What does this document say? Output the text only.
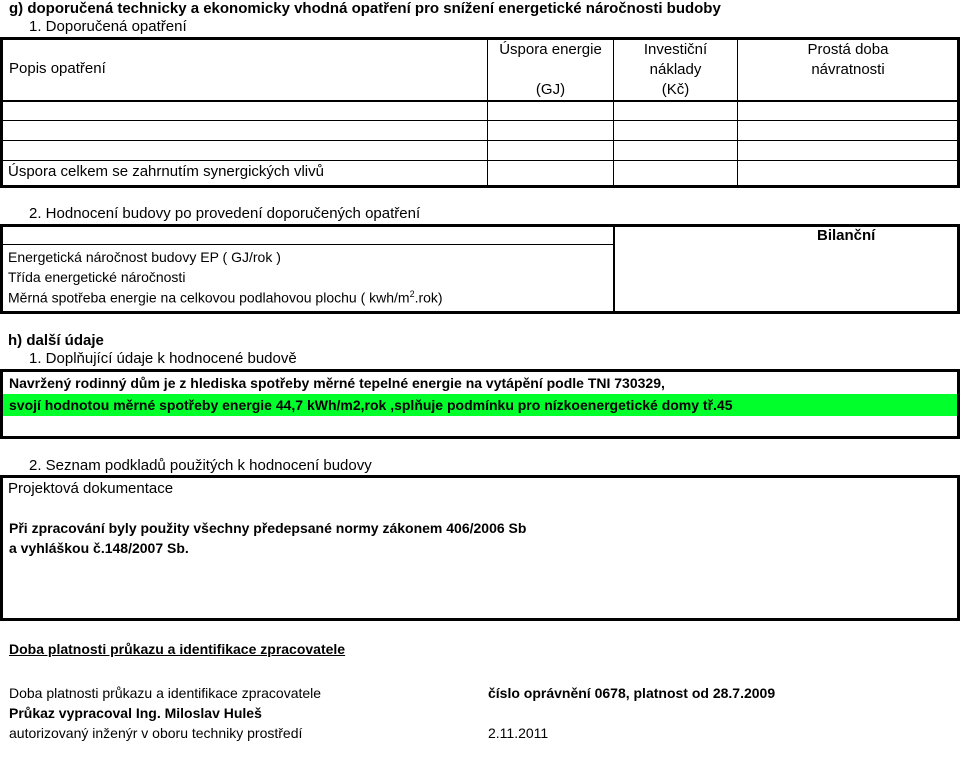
g) doporučená technicky a ekonomicky vhodná opatření pro snížení energetické náročnosti budoby
1. Doporučená opatření
Popis opatření
Úspora energie
(GJ)
Investiční
náklady
(Kč)
Prostá doba
návratnosti
Úspora celkem se zahrnutím synergických vlivů
2. Hodnocení budovy po provedení doporučených opatření
Bilanční
Energetická náročnost budovy EP ( GJ/rok )
Třída energetické náročnosti
Měrná spotřeba energie na celkovou podlahovou plochu ( kwh/$m^2.rok$)
h) další údaje
1. Doplňující údaje k hodnocené budově
Navržený rodinný dům je z hlediska spotřeby měrné tepelné energie na vytápění podle TNI 730329,
svojí hodnotou měrné spotřeby energie 44,7 kWh/m2,rok ,splňuje podmínku pro nízkoenergetické domy tř.45
2. Seznam podkladů použitých k hodnocení budovy
Projektová dokumentace
Při zpracování byly použity všechny předepsané normy zákonem 406/2006 Sb
a vyhláškou č.148/2007 Sb.
Doba platnosti průkazu a identifikace zpracovatele
Doba platnosti průkazu a identifikace zpracovatele	číslo oprávnění 0678, platnost od 28.7.2009
Průkaz vypracoval Ing. Miloslav Huleš
autorizovaný inženýr v oboru techniky prostředí	2.11.2011
